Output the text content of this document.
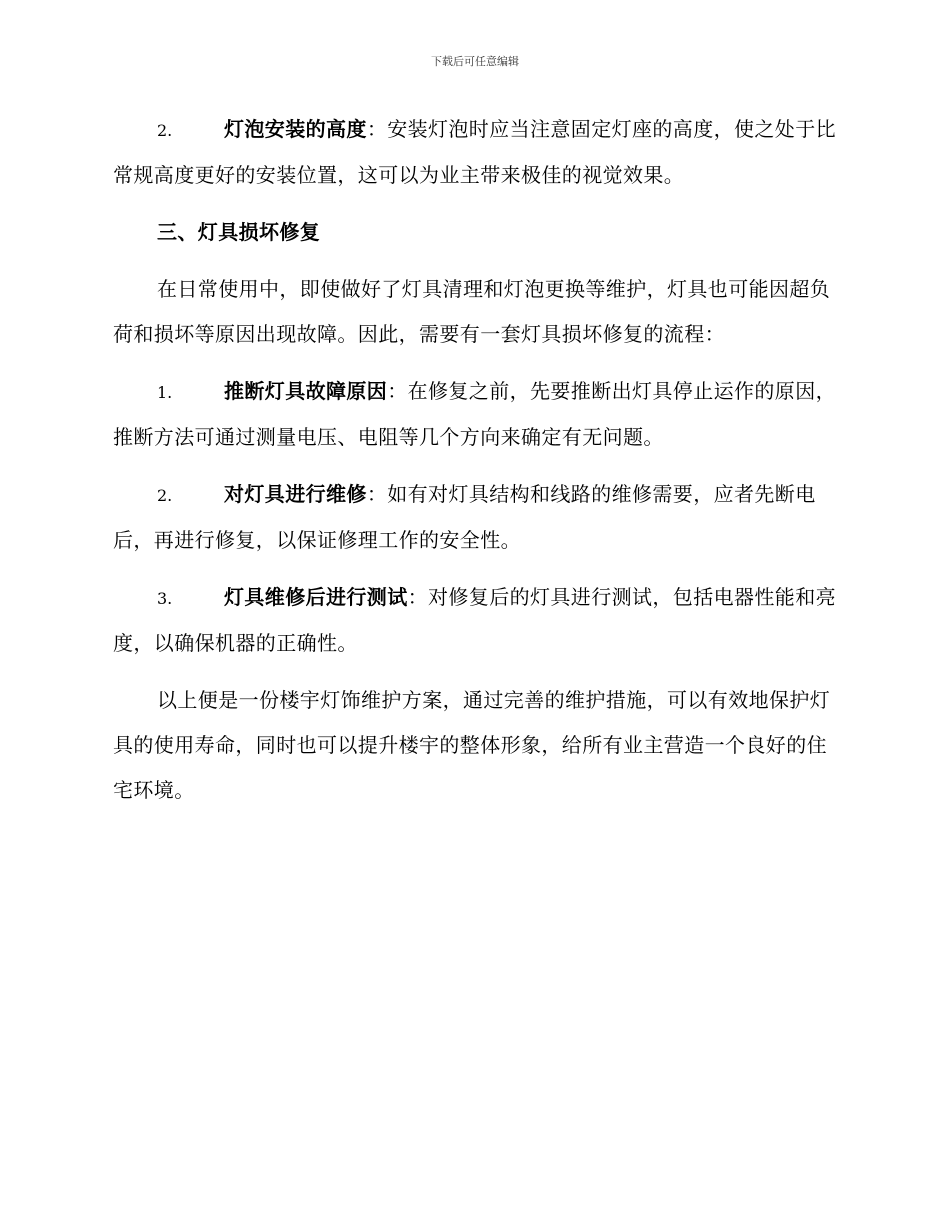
下载后可任意编辑

2.	灯泡安装的高度：安装灯泡时应当注意固定灯座的高度，使之处于比常规高度更好的安装位置，这可以为业主带来极佳的视觉效果。

三、灯具损坏修复

在日常使用中，即使做好了灯具清理和灯泡更换等维护，灯具也可能因超负荷和损坏等原因出现故障。因此，需要有一套灯具损坏修复的流程：

1.	推断灯具故障原因：在修复之前，先要推断出灯具停止运作的原因，推断方法可通过测量电压、电阻等几个方向来确定有无问题。

2.	对灯具进行维修：如有对灯具结构和线路的维修需要，应者先断电后，再进行修复，以保证修理工作的安全性。

3.	灯具维修后进行测试：对修复后的灯具进行测试，包括电器性能和亮度，以确保机器的正确性。

以上便是一份楼宇灯饰维护方案，通过完善的维护措施，可以有效地保护灯具的使用寿命，同时也可以提升楼宇的整体形象，给所有业主营造一个良好的住宅环境。
